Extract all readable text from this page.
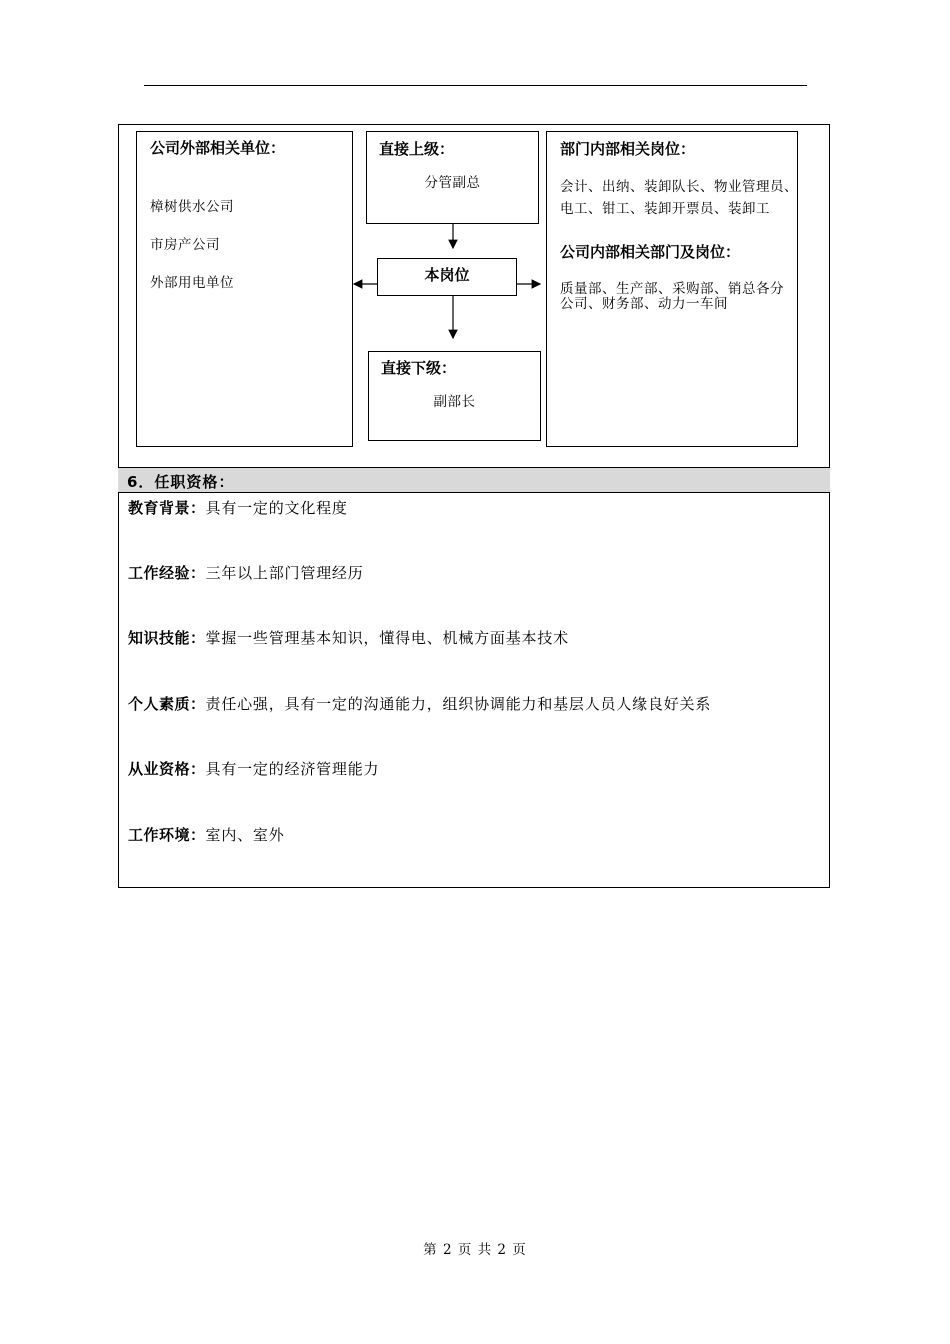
公司外部相关单位：
樟树供水公司
市房产公司
外部用电单位
直接上级：
分管副总
本岗位
直接下级：
副部长
部门内部相关岗位：
会计、出纳、装卸队长、物业管理员、
电工、钳工、装卸开票员、装卸工
公司内部相关部门及岗位：
质量部、生产部、采购部、销总各分
公司、财务部、动力一车间
6．任职资格：
教育背景：具有一定的文化程度
工作经验：三年以上部门管理经历
知识技能：掌握一些管理基本知识，懂得电、机械方面基本技术
个人素质：责任心强，具有一定的沟通能力，组织协调能力和基层人员人缘良好关系
从业资格：具有一定的经济管理能力
工作环境：室内、室外
第 2 页 共 2 页
